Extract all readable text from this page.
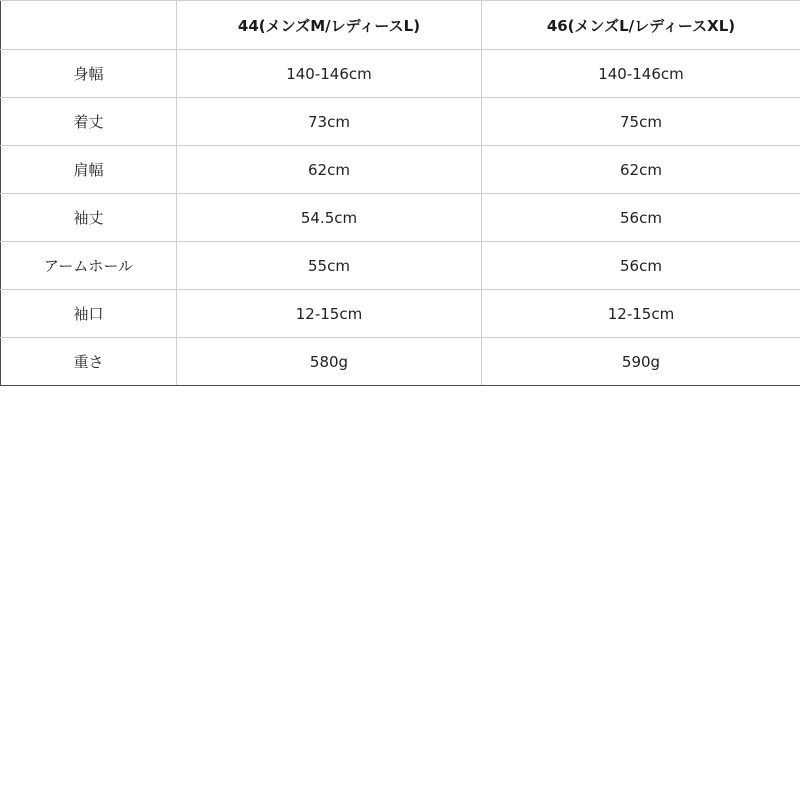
	44(メンズM/レディースL)	46(メンズL/レディースXL)
身幅	140-146cm	140-146cm
着丈	73cm	75cm
肩幅	62cm	62cm
袖丈	54.5cm	56cm
アームホール	55cm	56cm
袖口	12-15cm	12-15cm
重さ	580g	590g
